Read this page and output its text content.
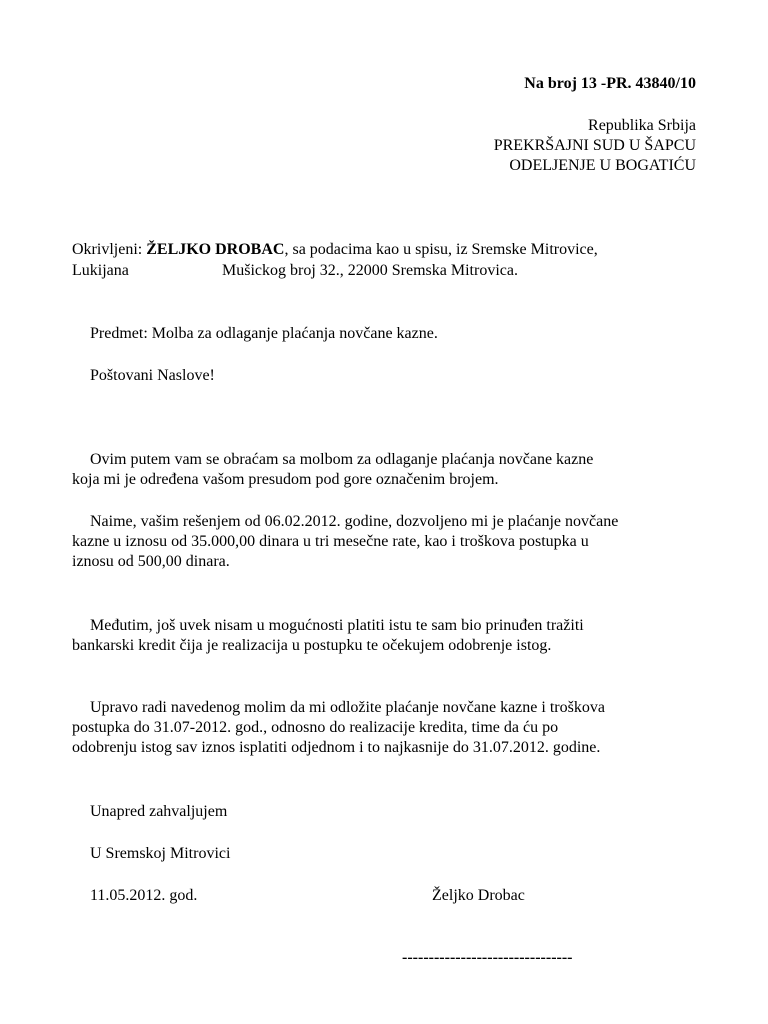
Na broj 13 -PR. 43840/10
Republika Srbija
PREKRŠAJNI SUD U ŠAPCU
ODELJENJE U BOGATIĆU
Okrivljeni: ŽELJKO DROBAC, sa podacima kao u spisu, iz Sremske Mitrovice,
Lukijana	Mušickog broj 32., 22000 Sremska Mitrovica.
Predmet: Molba za odlaganje plaćanja novčane kazne.
Poštovani Naslove!
Ovim putem vam se obraćam sa molbom za odlaganje plaćanja novčane kazne
koja mi je određena vašom presudom pod gore označenim brojem.
Naime, vašim rešenjem od 06.02.2012. godine, dozvoljeno mi je plaćanje novčane
kazne u iznosu od 35.000,00 dinara u tri mesečne rate, kao i troškova postupka u
iznosu od 500,00 dinara.
Međutim, još uvek nisam u mogućnosti platiti istu te sam bio prinuđen tražiti
bankarski kredit čija je realizacija u postupku te očekujem odobrenje istog.
Upravo radi navedenog molim da mi odložite plaćanje novčane kazne i troškova
postupka do 31.07-2012. god., odnosno do realizacije kredita, time da ću po
odobrenju istog sav iznos isplatiti odjednom i to najkasnije do 31.07.2012. godine.
Unapred zahvaljujem
U Sremskoj Mitrovici
11.05.2012. god.	Željko Drobac
--------------------------------
